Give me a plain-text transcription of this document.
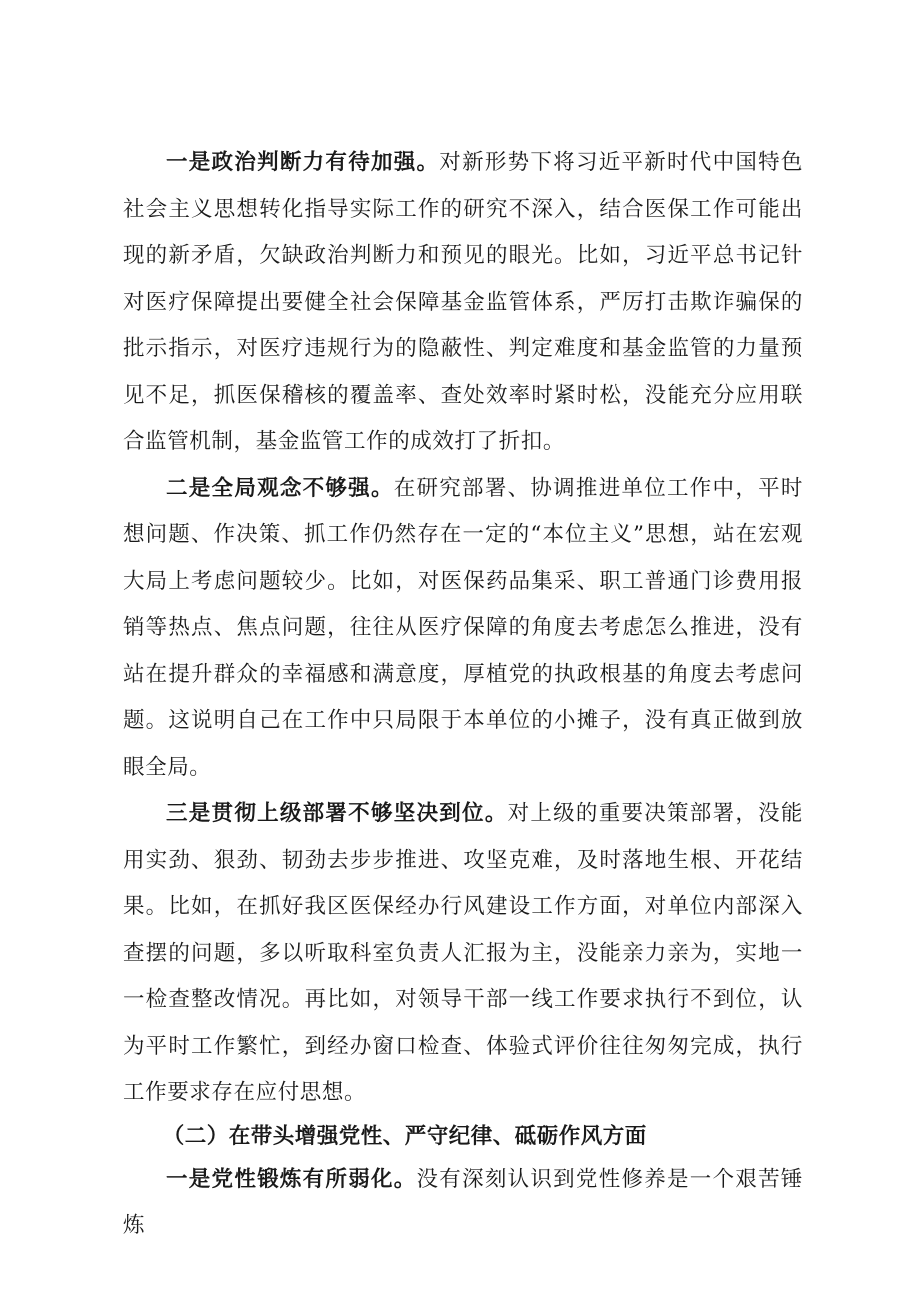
一是政治判断力有待加强。对新形势下将习近平新时代中国特色社会主义思想转化指导实际工作的研究不深入，结合医保工作可能出现的新矛盾，欠缺政治判断力和预见的眼光。比如，习近平总书记针对医疗保障提出要健全社会保障基金监管体系，严厉打击欺诈骗保的批示指示，对医疗违规行为的隐蔽性、判定难度和基金监管的力量预见不足，抓医保稽核的覆盖率、查处效率时紧时松，没能充分应用联合监管机制，基金监管工作的成效打了折扣。

二是全局观念不够强。在研究部署、协调推进单位工作中，平时想问题、作决策、抓工作仍然存在一定的“本位主义”思想，站在宏观大局上考虑问题较少。比如，对医保药品集采、职工普通门诊费用报销等热点、焦点问题，往往从医疗保障的角度去考虑怎么推进，没有站在提升群众的幸福感和满意度，厚植党的执政根基的角度去考虑问题。这说明自己在工作中只局限于本单位的小摊子，没有真正做到放眼全局。

三是贯彻上级部署不够坚决到位。对上级的重要决策部署，没能用实劲、狠劲、韧劲去步步推进、攻坚克难，及时落地生根、开花结果。比如，在抓好我区医保经办行风建设工作方面，对单位内部深入查摆的问题，多以听取科室负责人汇报为主，没能亲力亲为，实地一一检查整改情况。再比如，对领导干部一线工作要求执行不到位，认为平时工作繁忙，到经办窗口检查、体验式评价往往匆匆完成，执行工作要求存在应付思想。

（二）在带头增强党性、严守纪律、砥砺作风方面

一是党性锻炼有所弱化。没有深刻认识到党性修养是一个艰苦锤炼
